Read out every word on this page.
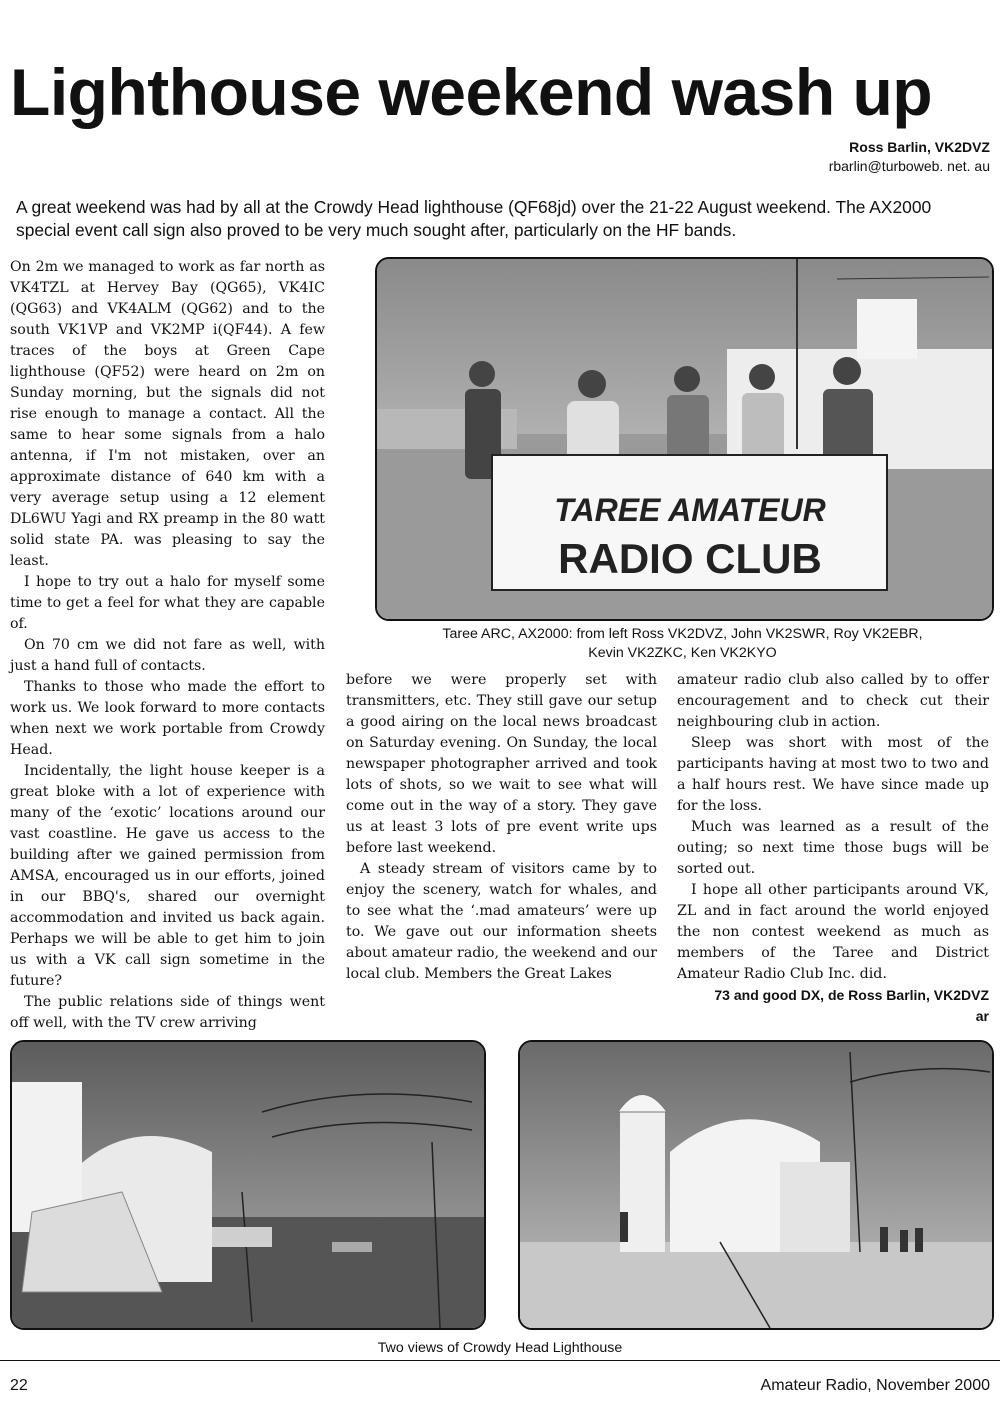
Lighthouse weekend wash up
Ross Barlin, VK2DVZ
rbarlin@turboweb. net. au
A great weekend was had by all at the Crowdy Head lighthouse (QF68jd) over the 21-22 August weekend. The AX2000 special event call sign also proved to be very much sought after, particularly on the HF bands.

On 2m we managed to work as far north as VK4TZL at Hervey Bay (QG65), VK4IC (QG63) and VK4ALM (QG62) and to the south VK1VP and VK2MP i(QF44). A few traces of the boys at Green Cape lighthouse (QF52) were heard on 2m on Sunday morning, but the signals did not rise enough to manage a contact. All the same to hear some signals from a halo antenna, if I'm not mistaken, over an approximate distance of 640 km with a very average setup using a 12 element DL6WU Yagi and RX preamp in the 80 watt solid state PA. was pleasing to say the least.

I hope to try out a halo for myself some time to get a feel for what they are capable of.

On 70 cm we did not fare as well, with just a hand full of contacts.

Thanks to those who made the effort to work us. We look forward to more contacts when next we work portable from Crowdy Head.

Incidentally, the light house keeper is a great bloke with a lot of experience with many of the ‘exotic’ locations around our vast coastline. He gave us access to the building after we gained permission from AMSA, encouraged us in our efforts, joined in our BBQ's, shared our overnight accommodation and invited us back again. Perhaps we will be able to get him to join us with a VK call sign sometime in the future?

The public relations side of things went off well, with the TV crew arriving

TAREE AMATEUR
RADIO CLUB
Taree ARC, AX2000: from left Ross VK2DVZ, John VK2SWR, Roy VK2EBR,
Kevin VK2ZKC, Ken VK2KYO

before we were properly set with transmitters, etc. They still gave our setup a good airing on the local news broadcast on Saturday evening. On Sunday, the local newspaper photographer arrived and took lots of shots, so we wait to see what will come out in the way of a story. They gave us at least 3 lots of pre event write ups before last weekend.

A steady stream of visitors came by to enjoy the scenery, watch for whales, and to see what the ‘.mad amateurs’ were up to. We gave out our information sheets about amateur radio, the weekend and our local club. Members the Great Lakes

amateur radio club also called by to offer encouragement and to check cut their neighbouring club in action.

Sleep was short with most of the participants having at most two to two and a half hours rest. We have since made up for the loss.

Much was learned as a result of the outing; so next time those bugs will be sorted out.

I hope all other participants around VK, ZL and in fact around the world enjoyed the non contest weekend as much as members of the Taree and District Amateur Radio Club Inc. did.

73 and good DX, de Ross Barlin, VK2DVZ
ar
Two views of Crowdy Head Lighthouse
22	Amateur Radio, November 2000
